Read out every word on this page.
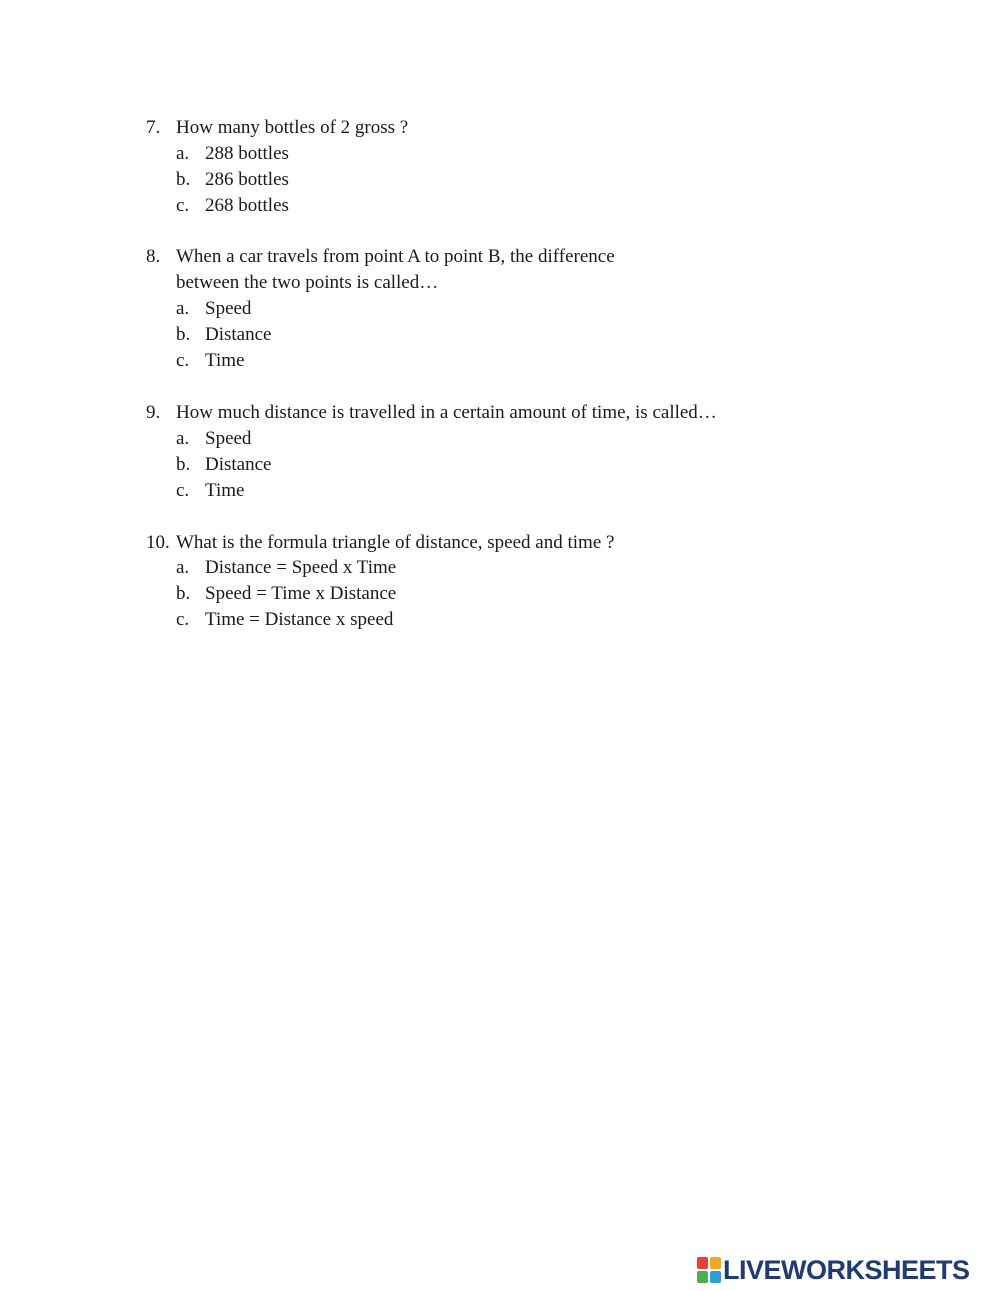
7. How many bottles of 2 gross ?
a. 288 bottles
b. 286 bottles
c. 268 bottles
8. When a car travels from point A to point B, the difference
between the two points is called…
a. Speed
b. Distance
c. Time
9. How much distance is travelled in a certain amount of time, is called…
a. Speed
b. Distance
c. Time
10. What is the formula triangle of distance, speed and time ?
a. Distance = Speed x Time
b. Speed = Time x Distance
c. Time = Distance x speed
LIVEWORKSHEETS
